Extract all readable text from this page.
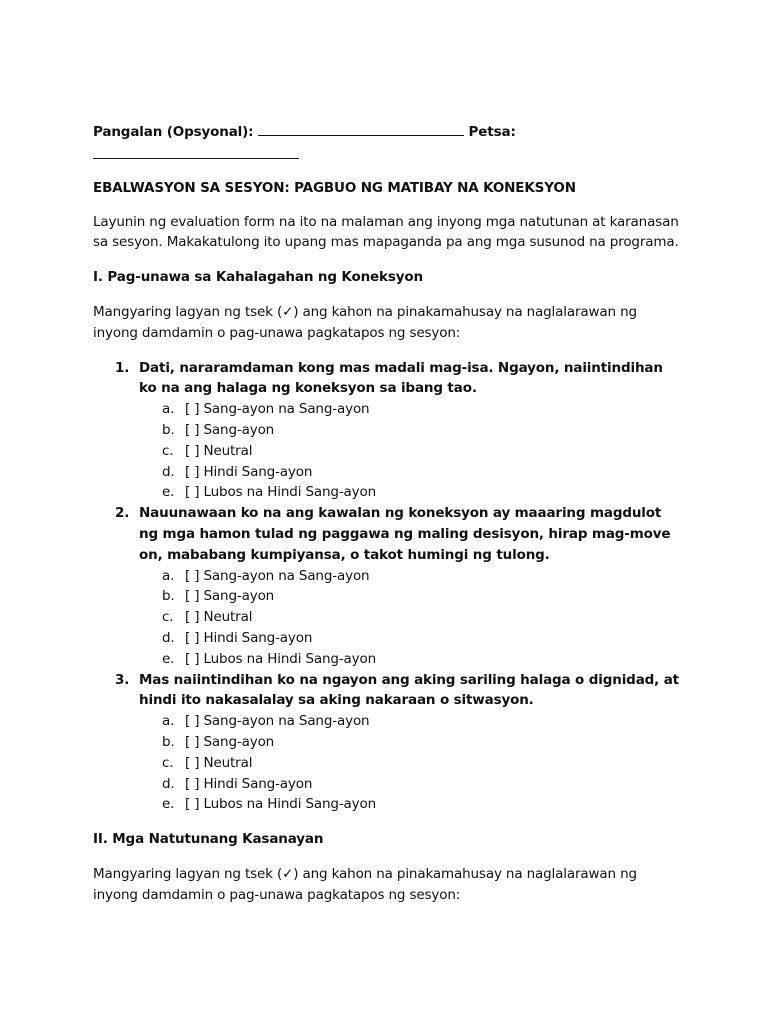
Pangalan (Opsyonal):	Petsa:

EBALWASYON SA SESYON: PAGBUO NG MATIBAY NA KONEKSYON

Layunin ng evaluation form na ito na malaman ang inyong mga natutunan at karanasan sa sesyon. Makakatulong ito upang mas mapaganda pa ang mga susunod na programa.

I. Pag-unawa sa Kahalagahan ng Koneksyon

Mangyaring lagyan ng tsek (✓) ang kahon na pinakamahusay na naglalarawan ng inyong damdamin o pag-unawa pagkatapos ng sesyon:

1. Dati, nararamdaman kong mas madali mag-isa. Ngayon, naiintindihan ko na ang halaga ng koneksyon sa ibang tao.
a. [ ] Sang-ayon na Sang-ayon
b. [ ] Sang-ayon
c. [ ] Neutral
d. [ ] Hindi Sang-ayon
e. [ ] Lubos na Hindi Sang-ayon
2. Nauunawaan ko na ang kawalan ng koneksyon ay maaaring magdulot ng mga hamon tulad ng paggawa ng maling desisyon, hirap mag-move on, mababang kumpiyansa, o takot humingi ng tulong.
a. [ ] Sang-ayon na Sang-ayon
b. [ ] Sang-ayon
c. [ ] Neutral
d. [ ] Hindi Sang-ayon
e. [ ] Lubos na Hindi Sang-ayon
3. Mas naiintindihan ko na ngayon ang aking sariling halaga o dignidad, at hindi ito nakasalalay sa aking nakaraan o sitwasyon.
a. [ ] Sang-ayon na Sang-ayon
b. [ ] Sang-ayon
c. [ ] Neutral
d. [ ] Hindi Sang-ayon
e. [ ] Lubos na Hindi Sang-ayon

II. Mga Natutunang Kasanayan

Mangyaring lagyan ng tsek (✓) ang kahon na pinakamahusay na naglalarawan ng inyong damdamin o pag-unawa pagkatapos ng sesyon:
